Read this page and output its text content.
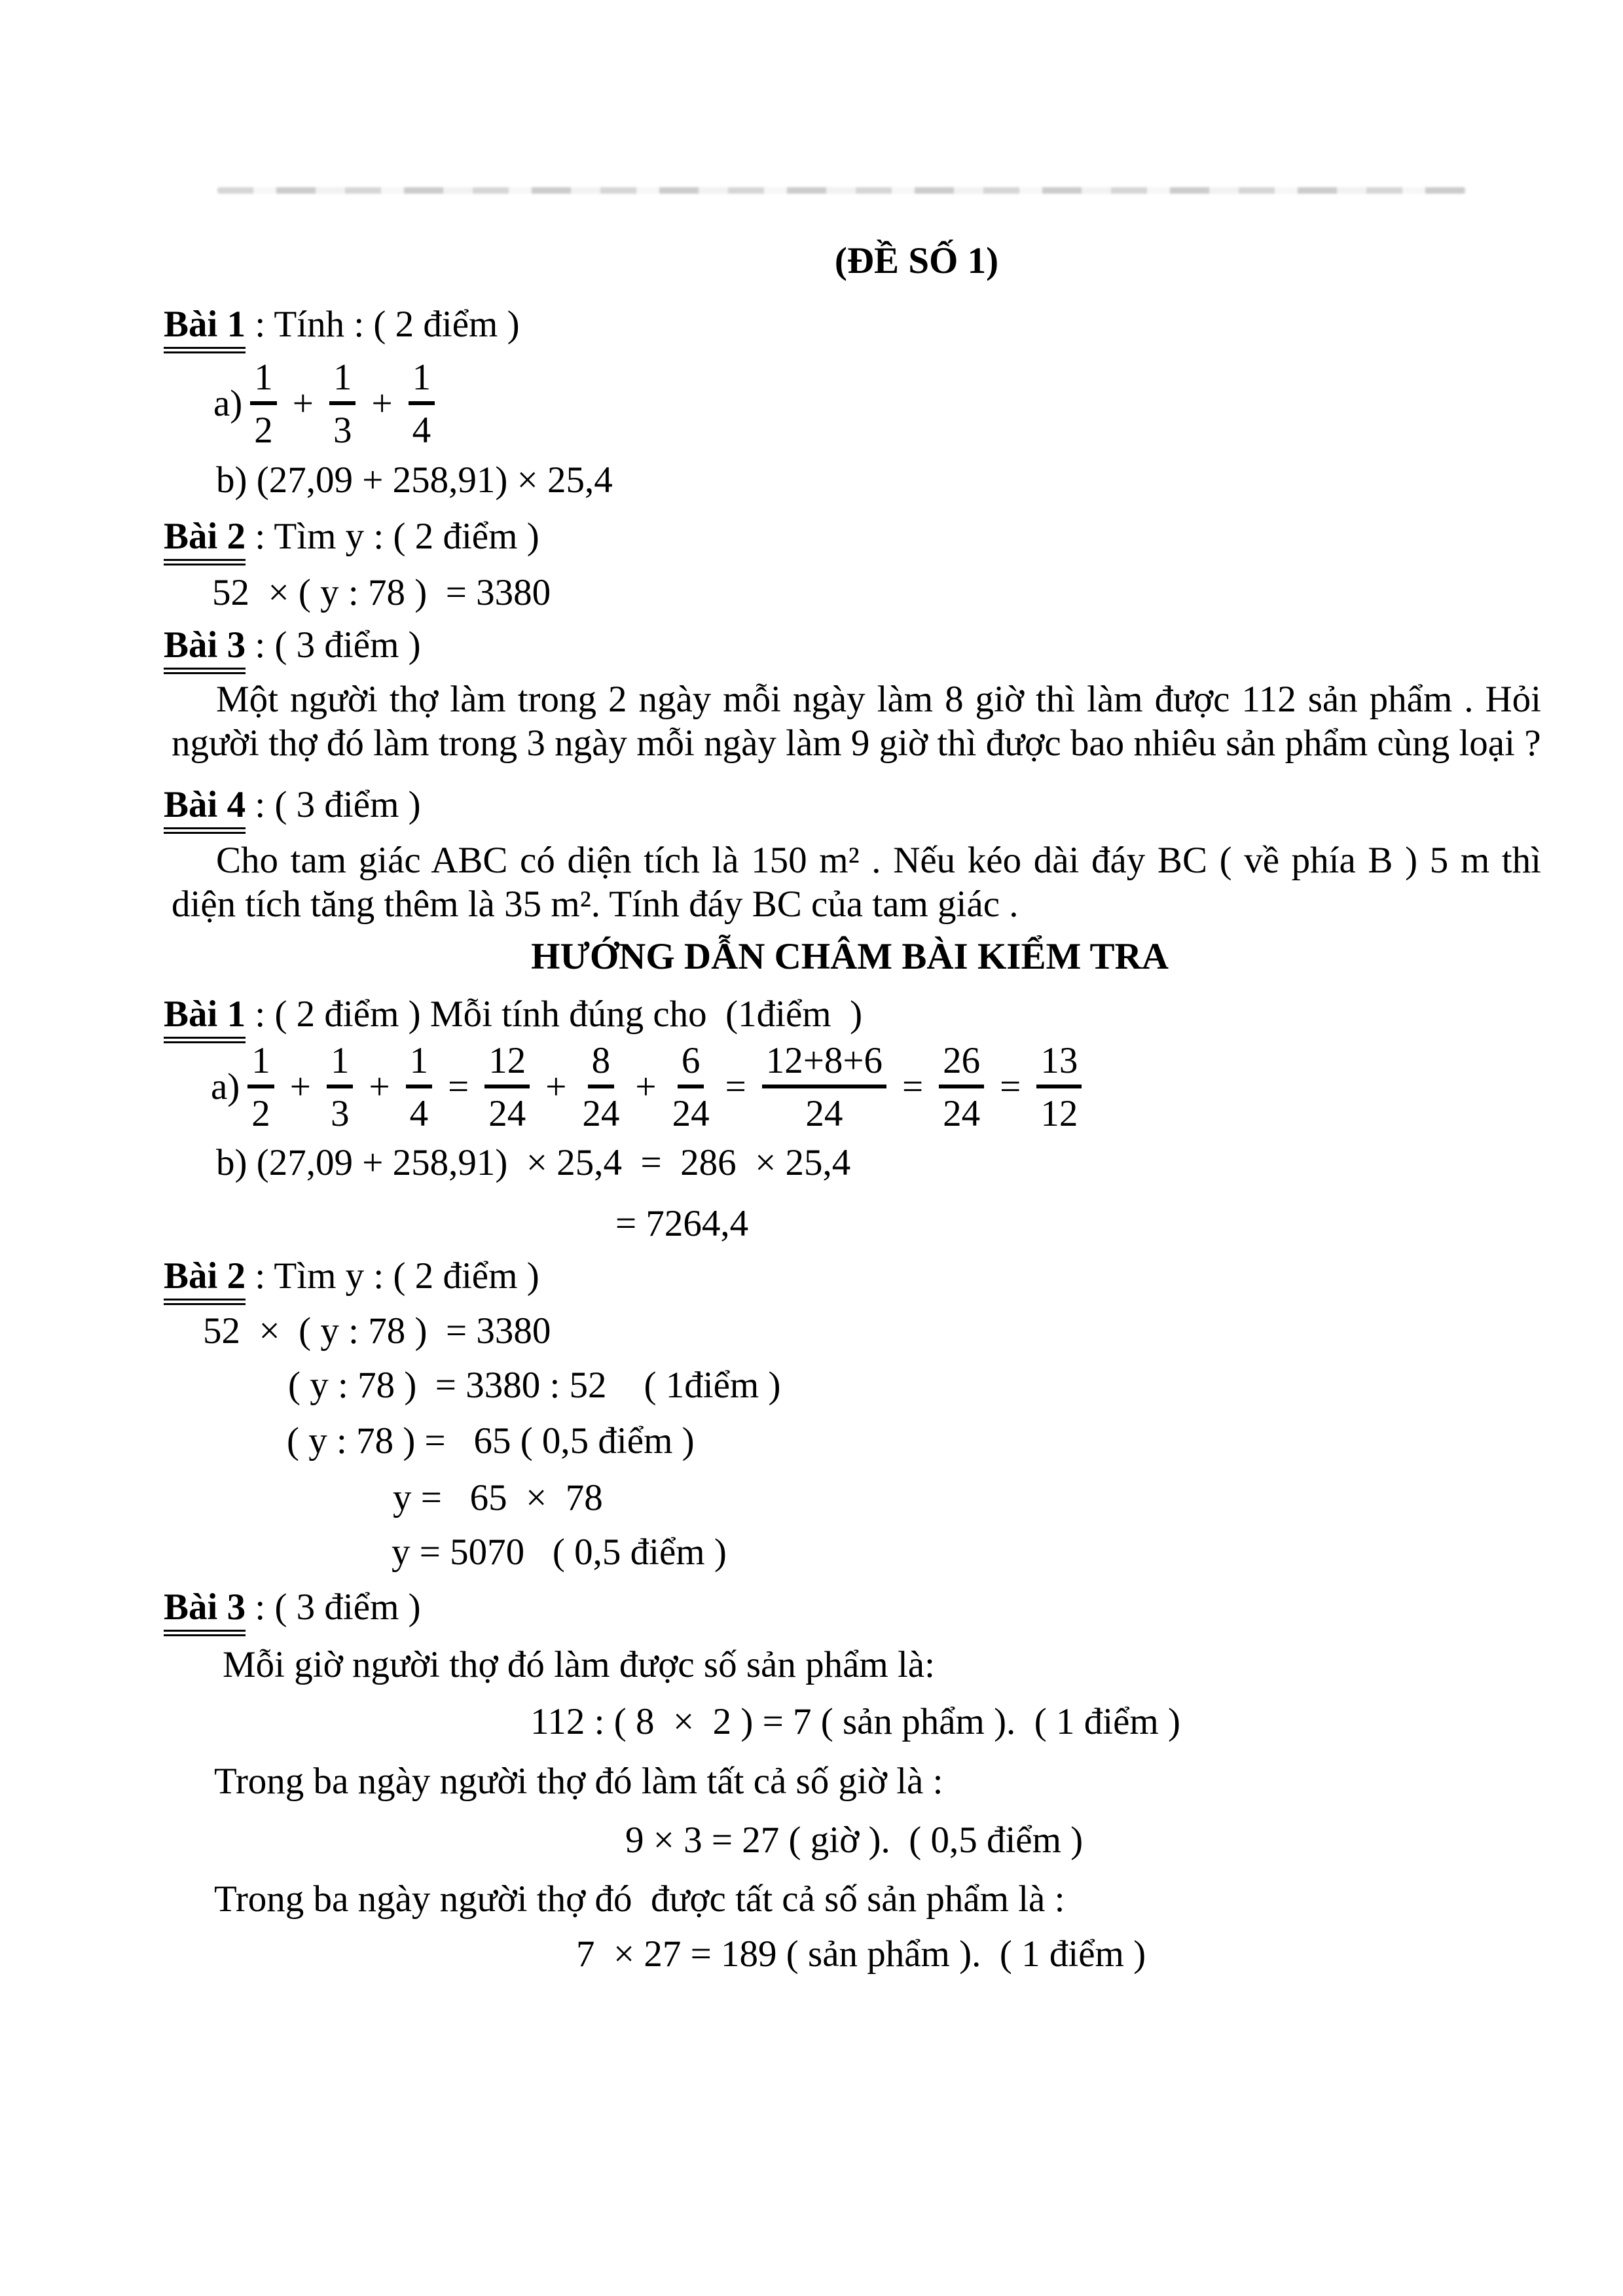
(ĐỀ SỐ 1)
Bài 1 : Tính : ( 2 điểm )
$a) \frac{1}{2} + \frac{1}{3} + \frac{1}{4}$
b) (27,09 + 258,91) × 25,4
Bài 2 : Tìm y : ( 2 điểm )
52  × ( y : 78 )  = 3380
Bài 3 : ( 3 điểm )
Một người thợ làm trong 2 ngày mỗi ngày làm 8 giờ thì làm được 112 sản phẩm . Hỏi người thợ đó làm trong 3 ngày mỗi ngày làm 9 giờ thì được bao nhiêu sản phẩm cùng loại ?
Bài 4 : ( 3 điểm )
Cho tam giác ABC có diện tích là 150 m² . Nếu kéo dài đáy BC ( về phía B ) 5 m thì diện tích tăng thêm là 35 m². Tính đáy BC của tam giác .
HƯỚNG DẪN CHÂM BÀI KIỂM TRA
Bài 1 : ( 2 điểm ) Mỗi tính đúng cho  (1điểm  )
$a) \frac{1}{2} + \frac{1}{3} + \frac{1}{4} = \frac{12}{24} + \frac{8}{24} + \frac{6}{24} = \frac{12+8+6}{24} = \frac{26}{24} = \frac{13}{12}$
b) (27,09 + 258,91)  × 25,4  =  286  × 25,4
= 7264,4
Bài 2 : Tìm y : ( 2 điểm )
52  ×  ( y : 78 )  = 3380
( y : 78 )  = 3380 : 52    ( 1điểm )
( y : 78 ) =   65 ( 0,5 điểm )
y =   65  ×  78
y = 5070   ( 0,5 điểm )
Bài 3 : ( 3 điểm )
Mỗi giờ người thợ đó làm được số sản phẩm là:
112 : ( 8  ×  2 ) = 7 ( sản phẩm ).  ( 1 điểm )
Trong ba ngày người thợ đó làm tất cả số giờ là :
9 × 3 = 27 ( giờ ).  ( 0,5 điểm )
Trong ba ngày người thợ đó  được tất cả số sản phẩm là :
7  × 27 = 189 ( sản phẩm ).  ( 1 điểm )
